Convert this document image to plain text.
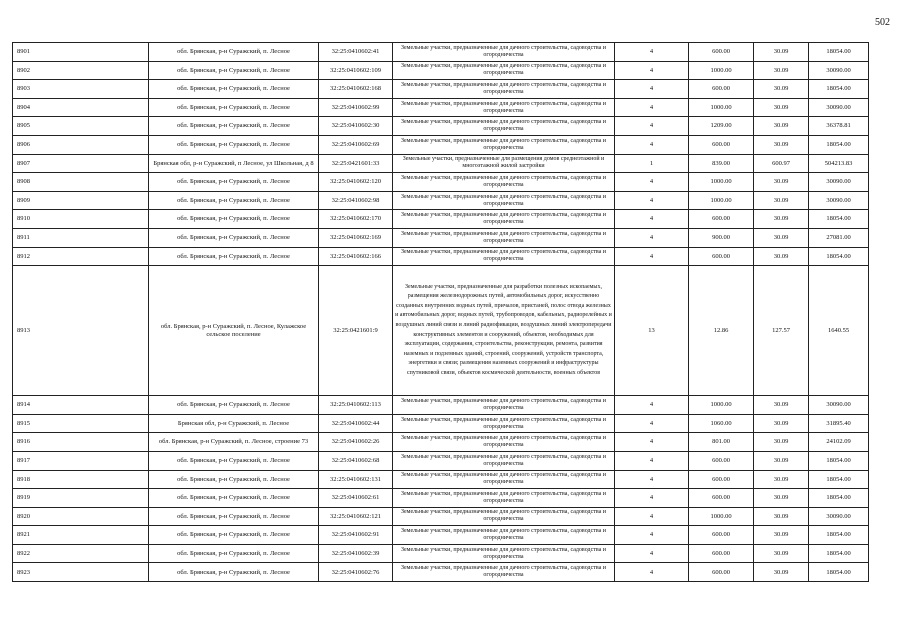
502
8901	обл. Брянская, р-н Суражский, п. Лесное	32:25:0410602:41	Земельные участки, предназначенные для дачного строительства, садоводства и огородничества	4	600.00	30.09	18054.00
8902	обл. Брянская, р-н Суражский, п. Лесное	32:25:0410602:109	Земельные участки, предназначенные для дачного строительства, садоводства и огородничества	4	1000.00	30.09	30090.00
8903	обл. Брянская, р-н Суражский, п. Лесное	32:25:0410602:168	Земельные участки, предназначенные для дачного строительства, садоводства и огородничества	4	600.00	30.09	18054.00
8904	обл. Брянская, р-н Суражский, п. Лесное	32:25:0410602:99	Земельные участки, предназначенные для дачного строительства, садоводства и огородничества	4	1000.00	30.09	30090.00
8905	обл. Брянская, р-н Суражский, п. Лесное	32:25:0410602:30	Земельные участки, предназначенные для дачного строительства, садоводства и огородничества	4	1209.00	30.09	36378.81
8906	обл. Брянская, р-н Суражский, п. Лесное	32:25:0410602:69	Земельные участки, предназначенные для дачного строительства, садоводства и огородничества	4	600.00	30.09	18054.00
8907	Брянская обл, р-н Суражский, п Лесное, ул Школьная, д 8	32:25:0421601:33	Земельные участки, предназначенные для размещения домов среднеэтажной и многоэтажной жилой застройки	1	839.00	600.97	504213.83
8908	обл. Брянская, р-н Суражский, п. Лесное	32:25:0410602:120	Земельные участки, предназначенные для дачного строительства, садоводства и огородничества	4	1000.00	30.09	30090.00
8909	обл. Брянская, р-н Суражский, п. Лесное	32:25:0410602:98	Земельные участки, предназначенные для дачного строительства, садоводства и огородничества	4	1000.00	30.09	30090.00
8910	обл. Брянская, р-н Суражский, п. Лесное	32:25:0410602:170	Земельные участки, предназначенные для дачного строительства, садоводства и огородничества	4	600.00	30.09	18054.00
8911	обл. Брянская, р-н Суражский, п. Лесное	32:25:0410602:169	Земельные участки, предназначенные для дачного строительства, садоводства и огородничества	4	900.00	30.09	27081.00
8912	обл. Брянская, р-н Суражский, п. Лесное	32:25:0410602:166	Земельные участки, предназначенные для дачного строительства, садоводства и огородничества	4	600.00	30.09	18054.00
8913	обл. Брянская, р-н Суражский, п. Лесное, Кулажское сельское поселение	32:25:0421601:9	Земельные участки, предназначенные для разработки полезных ископаемых, размещения железнодорожных путей, автомобильных дорог, искусственно созданных внутренних водных путей, причалов, пристаней, полос отвода железных и автомобильных дорог, водных путей, трубопроводов, кабельных, радиорелейных и воздушных линий связи и линий радиофикации, воздушных линий электропередачи конструктивных элементов и сооружений, объектов, необходимых для эксплуатации, содержания, строительства, реконструкции, ремонта, развития наземных и подземных зданий, строений, сооружений, устройств транспорта, энергетики и связи; размещения наземных сооружений и инфраструктуры спутниковой связи, объектов космической деятельности, военных объектов	13	12.86	127.57	1640.55
8914	обл. Брянская, р-н Суражский, п. Лесное	32:25:0410602:113	Земельные участки, предназначенные для дачного строительства, садоводства и огородничества	4	1000.00	30.09	30090.00
8915	Брянская обл, р-н Суражский, п. Лесное	32:25:0410602:44	Земельные участки, предназначенные для дачного строительства, садоводства и огородничества	4	1060.00	30.09	31895.40
8916	обл. Брянская, р-н Суражский, п. Лесное, строение 73	32:25:0410602:26	Земельные участки, предназначенные для дачного строительства, садоводства и огородничества	4	801.00	30.09	24102.09
8917	обл. Брянская, р-н Суражский, п. Лесное	32:25:0410602:68	Земельные участки, предназначенные для дачного строительства, садоводства и огородничества	4	600.00	30.09	18054.00
8918	обл. Брянская, р-н Суражский, п. Лесное	32:25:0410602:131	Земельные участки, предназначенные для дачного строительства, садоводства и огородничества	4	600.00	30.09	18054.00
8919	обл. Брянская, р-н Суражский, п. Лесное	32:25:0410602:61	Земельные участки, предназначенные для дачного строительства, садоводства и огородничества	4	600.00	30.09	18054.00
8920	обл. Брянская, р-н Суражский, п. Лесное	32:25:0410602:121	Земельные участки, предназначенные для дачного строительства, садоводства и огородничества	4	1000.00	30.09	30090.00
8921	обл. Брянская, р-н Суражский, п. Лесное	32:25:0410602:91	Земельные участки, предназначенные для дачного строительства, садоводства и огородничества	4	600.00	30.09	18054.00
8922	обл. Брянская, р-н Суражский, п. Лесное	32:25:0410602:39	Земельные участки, предназначенные для дачного строительства, садоводства и огородничества	4	600.00	30.09	18054.00
8923	обл. Брянская, р-н Суражский, п. Лесное	32:25:0410602:76	Земельные участки, предназначенные для дачного строительства, садоводства и огородничества	4	600.00	30.09	18054.00
